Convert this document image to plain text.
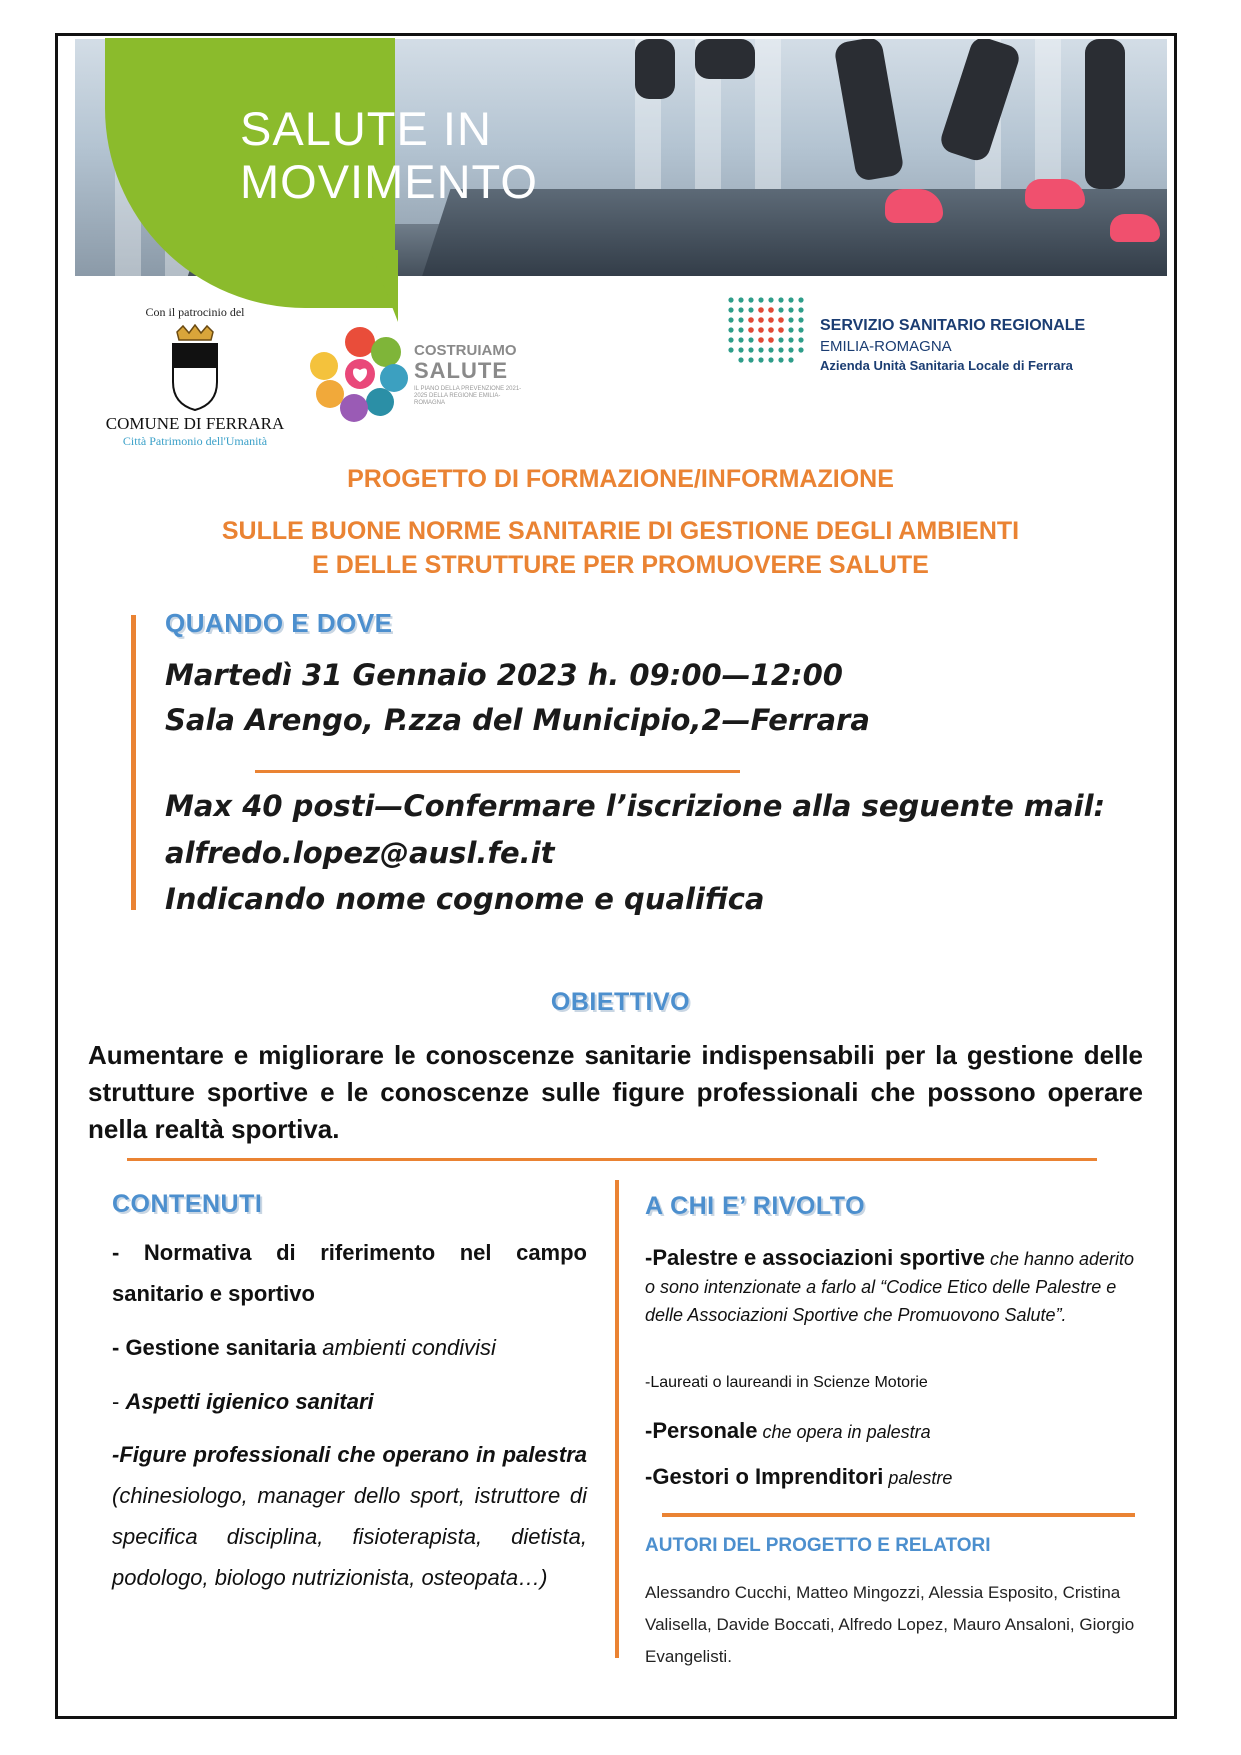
SALUTE IN
MOVIMENTO
Con il patrocinio del
COMUNE DI FERRARA
Città Patrimonio dell'Umanità
COSTRUIAMO
SALUTE
IL PIANO DELLA PREVENZIONE 2021-2025 DELLA REGIONE EMILIA-ROMAGNA
SERVIZIO SANITARIO REGIONALE
EMILIA-ROMAGNA
Azienda Unità Sanitaria Locale di Ferrara
PROGETTO DI FORMAZIONE/INFORMAZIONE
SULLE BUONE NORME SANITARIE DI GESTIONE DEGLI AMBIENTI
E DELLE STRUTTURE PER PROMUOVERE SALUTE
QUANDO E DOVE
Martedì 31 Gennaio 2023 h. 09:00—12:00
Sala Arengo, P.zza del Municipio,2—Ferrara
Max 40 posti—Confermare l’iscrizione alla seguente mail:
alfredo.lopez@ausl.fe.it
Indicando nome cognome e qualifica
OBIETTIVO
Aumentare e migliorare le conoscenze sanitarie indispensabili per la gestione delle strutture sportive e le conoscenze sulle figure professionali che possono operare nella realtà sportiva.
CONTENUTI
- Normativa di riferimento nel campo sanitario e sportivo
- Gestione sanitaria ambienti condivisi
- Aspetti igienico sanitari
-Figure professionali che operano in palestra (chinesiologo, manager dello sport, istruttore di specifica disciplina, fisioterapista, dietista, podologo, biologo nutrizionista, osteopata…)
A CHI E’ RIVOLTO
-Palestre e associazioni sportive che hanno aderito o sono intenzionate a farlo al “Codice Etico delle Palestre e delle Associazioni Sportive che Promuovono Salute”.
-Laureati o laureandi in Scienze Motorie
-Personale che opera in palestra
-Gestori o Imprenditori palestre
AUTORI DEL PROGETTO E RELATORI
Alessandro Cucchi, Matteo Mingozzi, Alessia Esposito, Cristina Valisella, Davide Boccati, Alfredo Lopez, Mauro Ansaloni, Giorgio Evangelisti.
